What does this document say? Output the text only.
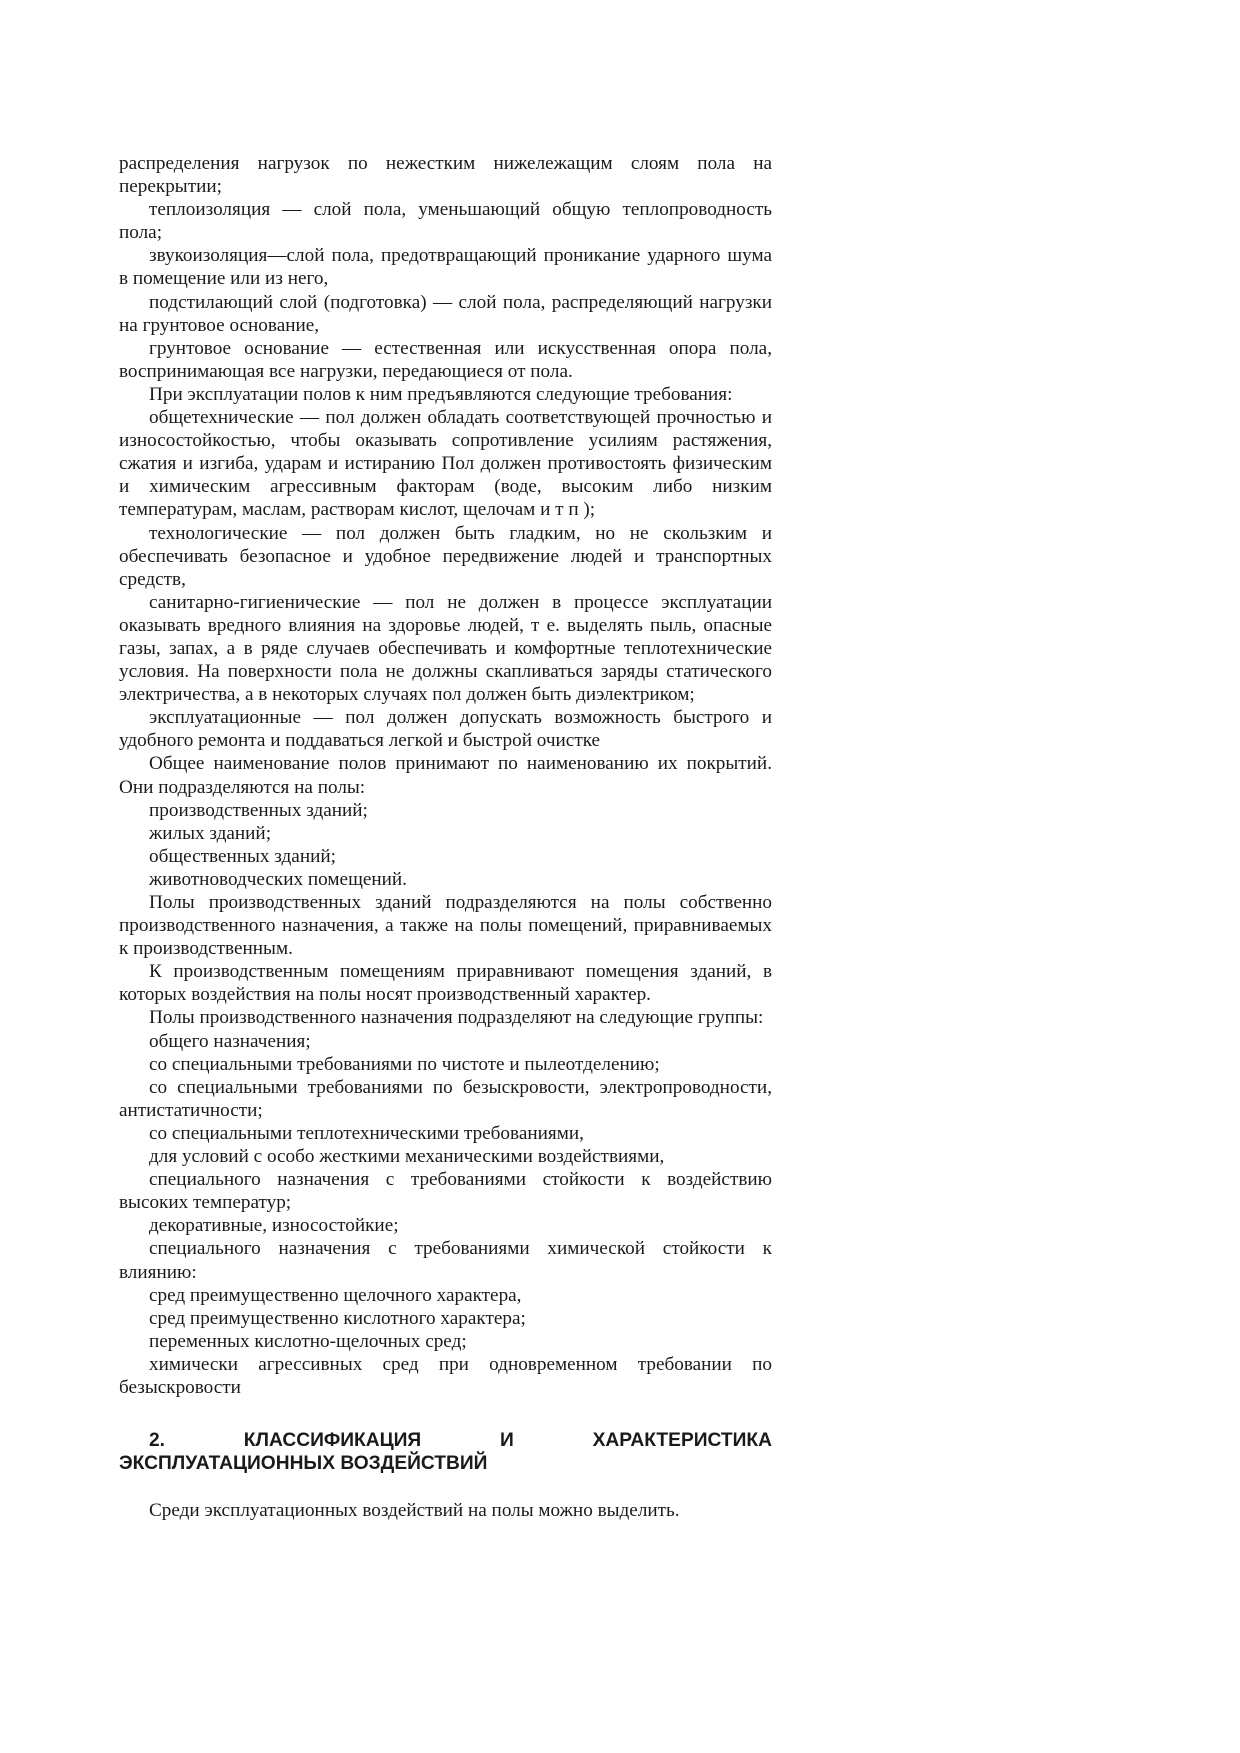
распределения нагрузок по нежестким нижележащим слоям пола на перекрытии;

теплоизоляция — слой пола, уменьшающий общую теплопроводность пола;

звукоизоляция—слой пола, предотвращающий проникание ударного шума в помещение или из него,

подстилающий слой (подготовка) — слой пола, распределяющий нагрузки на грунтовое основание,

грунтовое основание — естественная или искусственная опора пола, воспринимающая все нагрузки, передающиеся от пола.

При эксплуатации полов к ним предъявляются следующие требования:

общетехнические — пол должен обладать соответствующей прочностью и износостойкостью, чтобы оказывать сопротивление усилиям растяжения, сжатия и изгиба, ударам и истиранию Пол должен противостоять физическим и химическим агрессивным факторам (воде, высоким либо низким температурам, маслам, растворам кислот, щелочам и т п );

технологические — пол должен быть гладким, но не скользким и обеспечивать безопасное и удобное передвижение людей и транспортных средств,

санитарно-гигиенические — пол не должен в процессе эксплуатации оказывать вредного влияния на здоровье людей, т е. выделять пыль, опасные газы, запах, а в ряде случаев обеспечивать и комфортные теплотехнические условия. На поверхности пола не должны скапливаться заряды статического электричества, а в некоторых случаях пол должен быть диэлектриком;

эксплуатационные — пол должен допускать возможность быстрого и удобного ремонта и поддаваться легкой и быстрой очистке

Общее наименование полов принимают по наименованию их покрытий. Они подразделяются на полы:

производственных зданий;

жилых зданий;

общественных зданий;

животноводческих помещений.

Полы производственных зданий подразделяются на полы собственно производственного назначения, а также на полы помещений, приравниваемых к производственным.

К производственным помещениям приравнивают помещения зданий, в которых воздействия на полы носят производственный характер.

Полы производственного назначения подразделяют на следующие группы:

общего назначения;

со специальными требованиями по чистоте и пылеотделению;

со специальными требованиями по безыскровости, электропроводности, антистатичности;

со специальными теплотехническими требованиями,

для условий с особо жесткими механическими воздействиями,

специального назначения с требованиями стойкости к воздействию высоких температур;

декоративные, износостойкие;

специального назначения с требованиями химической стойкости к влиянию:

сред преимущественно щелочного характера,

сред преимущественно кислотного характера;

переменных кислотно-щелочных сред;

химически агрессивных сред при одновременном требовании по безыскровости

2. КЛАССИФИКАЦИЯ И ХАРАКТЕРИСТИКА ЭКСПЛУАТАЦИОННЫХ ВОЗДЕЙСТВИЙ

Среди эксплуатационных воздействий на полы можно выделить.
